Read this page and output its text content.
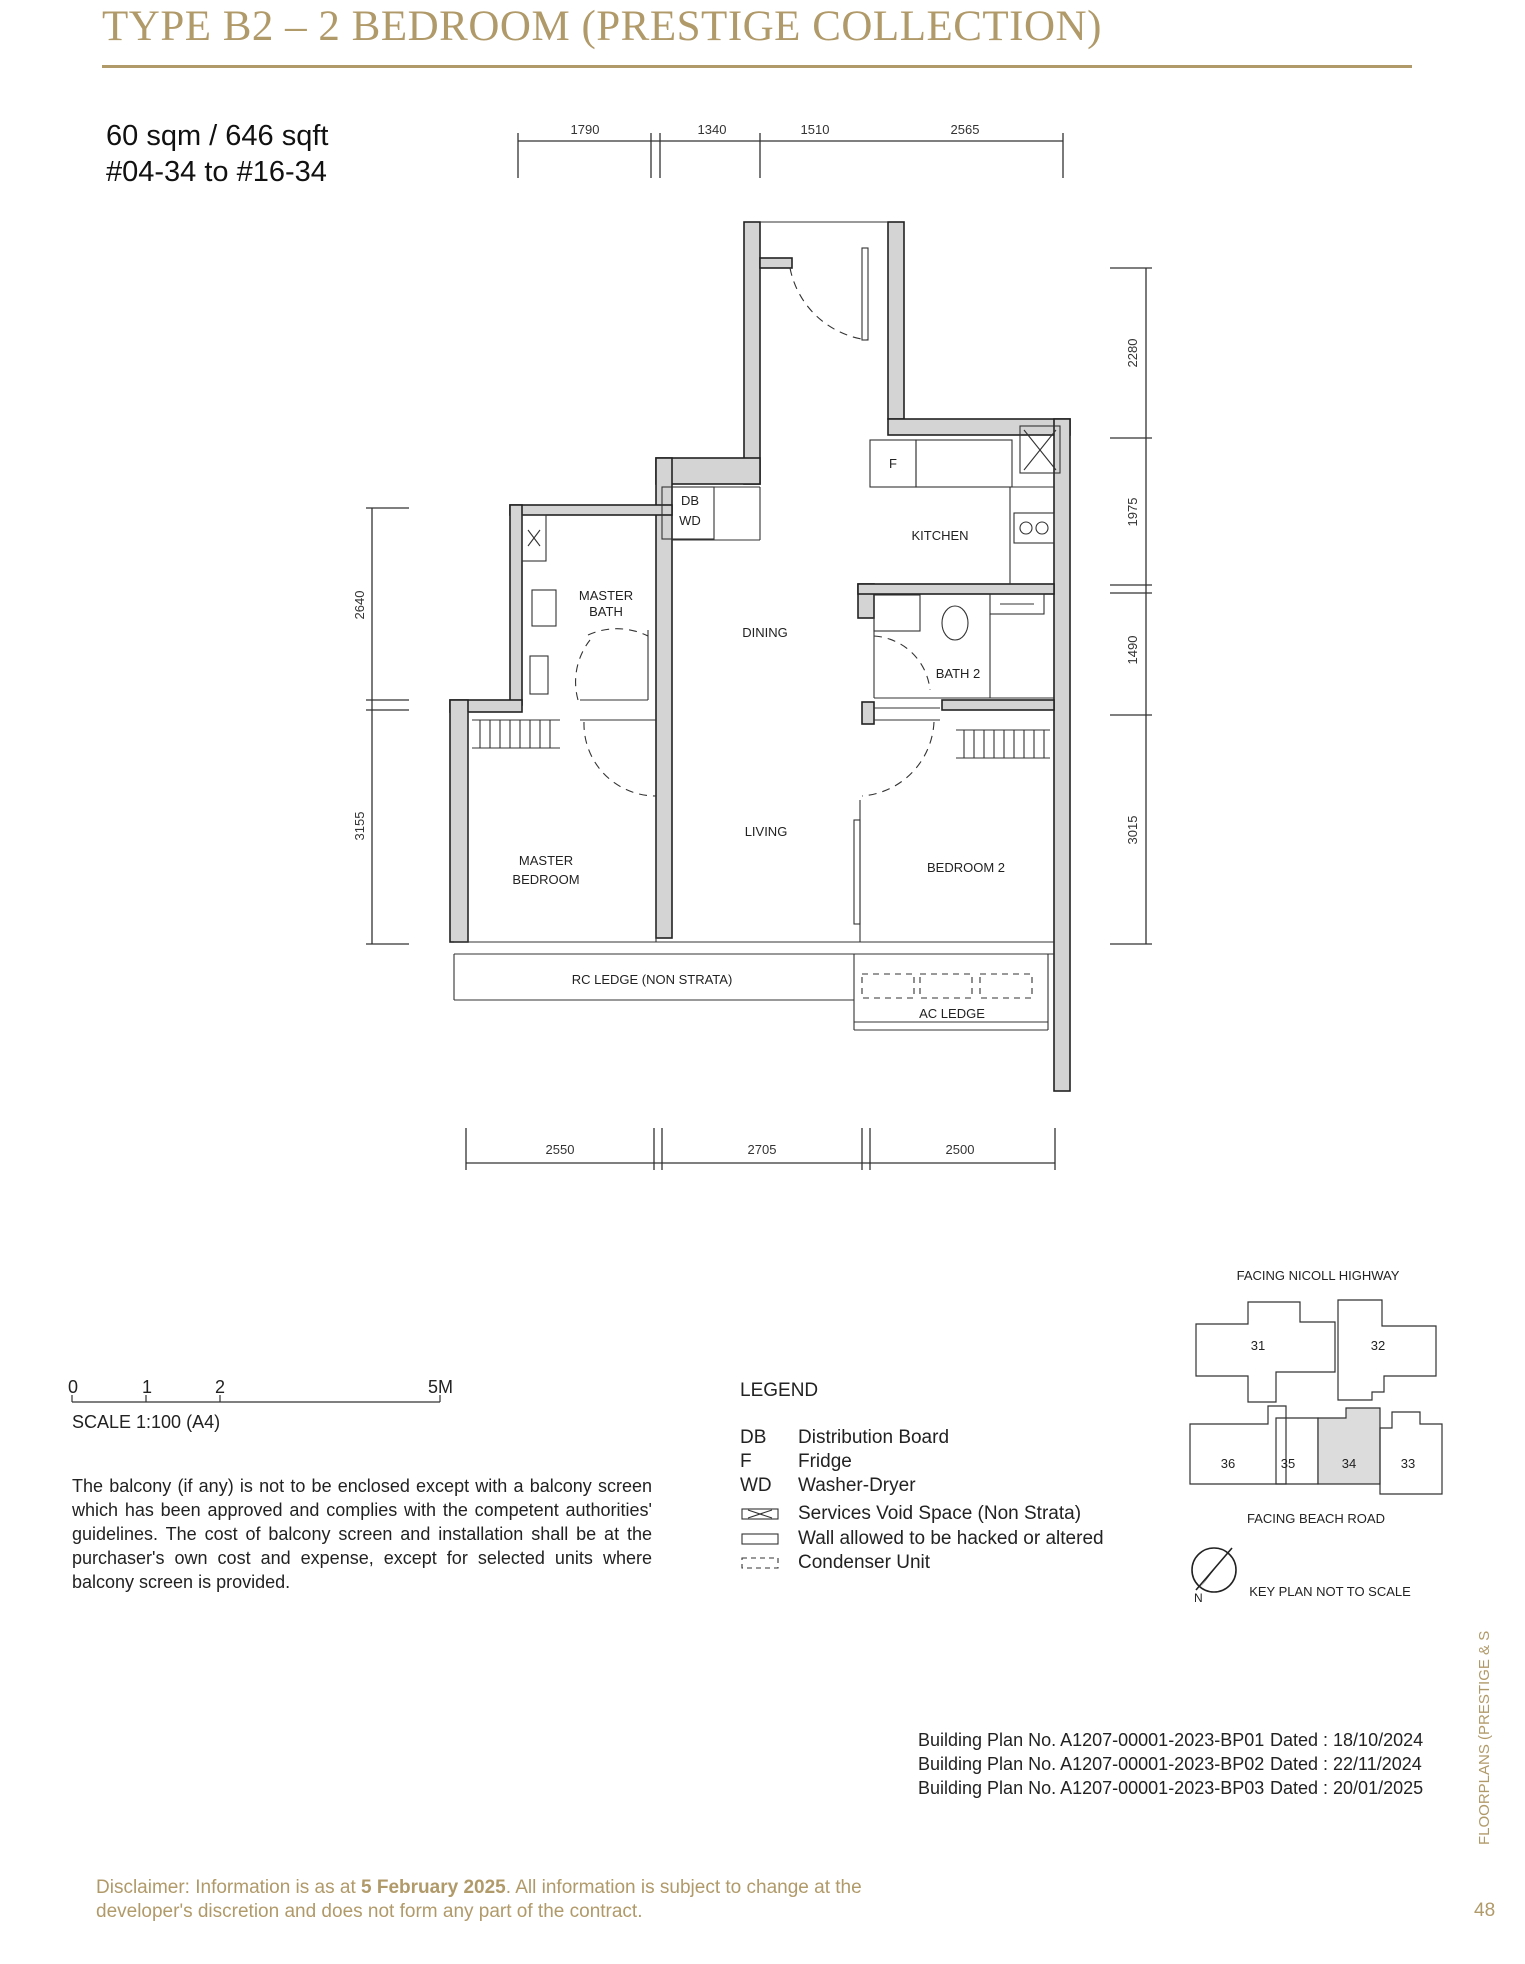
TYPE B2 – 2 BEDROOM (PRESTIGE COLLECTION)
60 sqm / 646 sqft
#04-34 to #16-34
1790	1340	1510	2565
2550	2705	2500
2640
3155
2280
1975
1490
3015
MASTER
BATH
DB
WD
F
KITCHEN
DINING
BATH 2
LIVING
MASTER
BEDROOM
BEDROOM 2
RC LEDGE (NON STRATA)
AC LEDGE
FACING NICOLL HIGHWAY
31	32
36	35	34	33
FACING BEACH ROAD
KEY PLAN NOT TO SCALE
N
0	1	2	5M
SCALE 1:100 (A4)
The balcony (if any) is not to be enclosed except with a balcony screen which has been approved and complies with the competent authorities' guidelines. The cost of balcony screen and installation shall be at the purchaser's own cost and expense, except for selected units where balcony screen is provided.
LEGEND
DB	Distribution Board
F	Fridge
WD	Washer-Dryer
Services Void Space (Non Strata)
Wall allowed to be hacked or altered
Condenser Unit
Building Plan No. A1207-00001-2023-BP01 Dated : 18/10/2024
Building Plan No. A1207-00001-2023-BP02 Dated : 22/11/2024
Building Plan No. A1207-00001-2023-BP03 Dated : 20/01/2025
Disclaimer: Information is as at 5 February 2025. All information is subject to change at the developer's discretion and does not form any part of the contract.
FLOORPLANS (PRESTIGE & S
48
